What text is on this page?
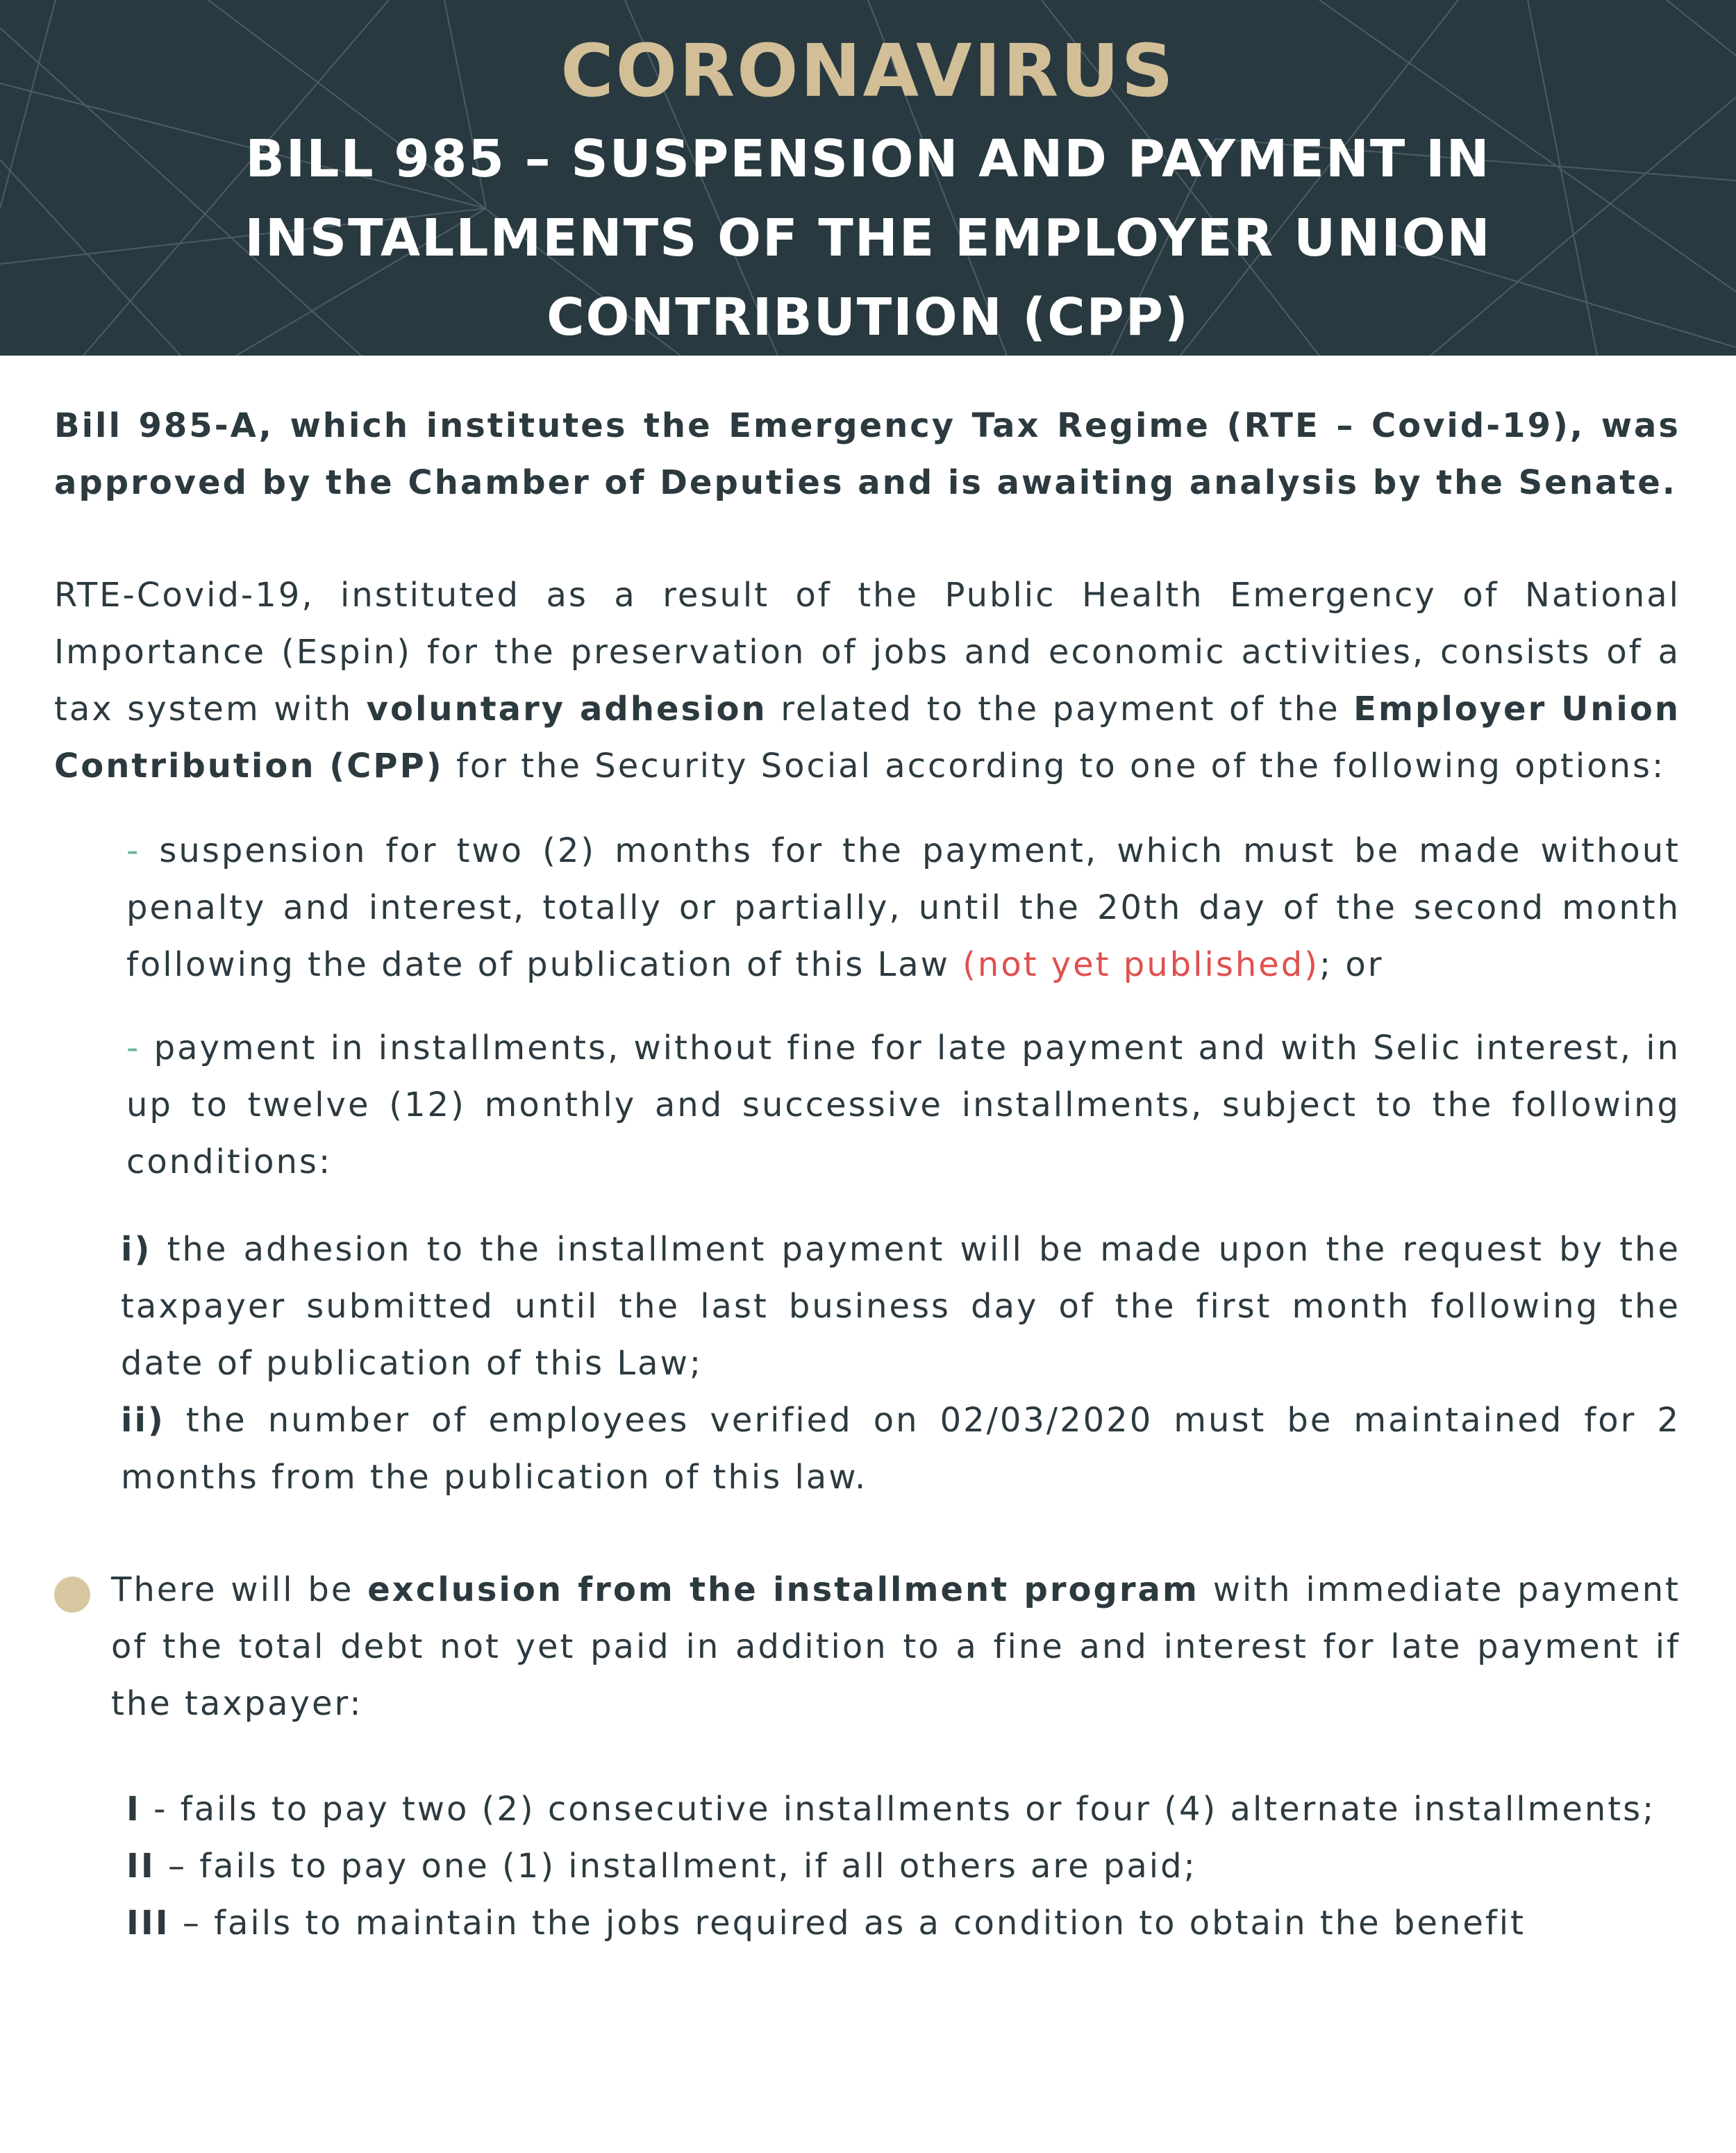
CORONAVIRUS
BILL 985 – SUSPENSION AND PAYMENT IN INSTALLMENTS OF THE EMPLOYER UNION CONTRIBUTION (CPP)

Bill 985-A, which institutes the Emergency Tax Regime (RTE – Covid-19), was approved by the Chamber of Deputies and is awaiting analysis by the Senate.

RTE-Covid-19, instituted as a result of the Public Health Emergency of National Importance (Espin) for the preservation of jobs and economic activities, consists of a tax system with voluntary adhesion related to the payment of the Employer Union Contribution (CPP) for the Security Social according to one of the following options:

- suspension for two (2) months for the payment, which must be made without penalty and interest, totally or partially, until the 20th day of the second month following the date of publication of this Law (not yet published); or

- payment in installments, without fine for late payment and with Selic interest, in up to twelve (12) monthly and successive installments, subject to the following conditions:

i) the adhesion to the installment payment will be made upon the request by the taxpayer submitted until the last business day of the first month following the date of publication of this Law;

ii) the number of employees verified on 02/03/2020 must be maintained for 2 months from the publication of this law.

There will be exclusion from the installment program with immediate payment of the total debt not yet paid in addition to a fine and interest for late payment if the taxpayer:

I - fails to pay two (2) consecutive installments or four (4) alternate installments;

II – fails to pay one (1) installment, if all others are paid;

III – fails to maintain the jobs required as a condition to obtain the benefit
